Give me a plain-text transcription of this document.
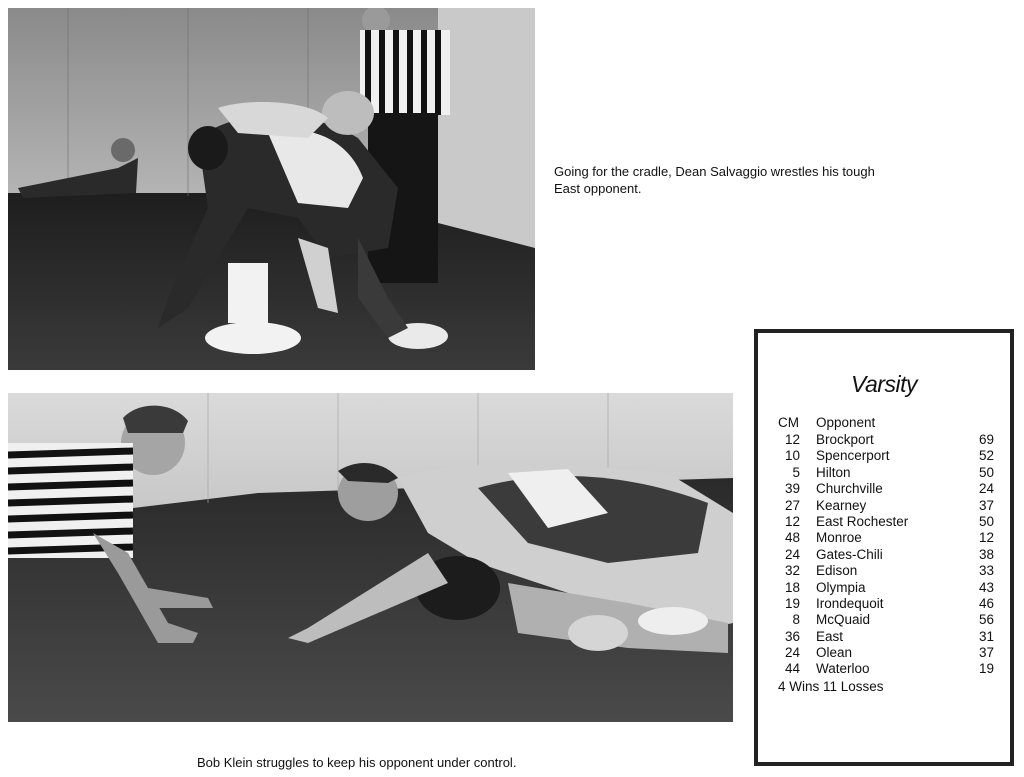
Going for the cradle, Dean Salvaggio wrestles his tough East opponent.

Bob Klein struggles to keep his opponent under control.

Varsity
CM Opponent
12 Brockport	69
10 Spencerport	52
5 Hilton	50
39 Churchville	24
27 Kearney	37
12 East Rochester	50
48 Monroe	12
24 Gates-Chili	38
32 Edison	33
18 Olympia	43
19 Irondequoit	46
8 McQuaid	56
36 East	31
24 Olean	37
44 Waterloo	19
4 Wins 11 Losses
